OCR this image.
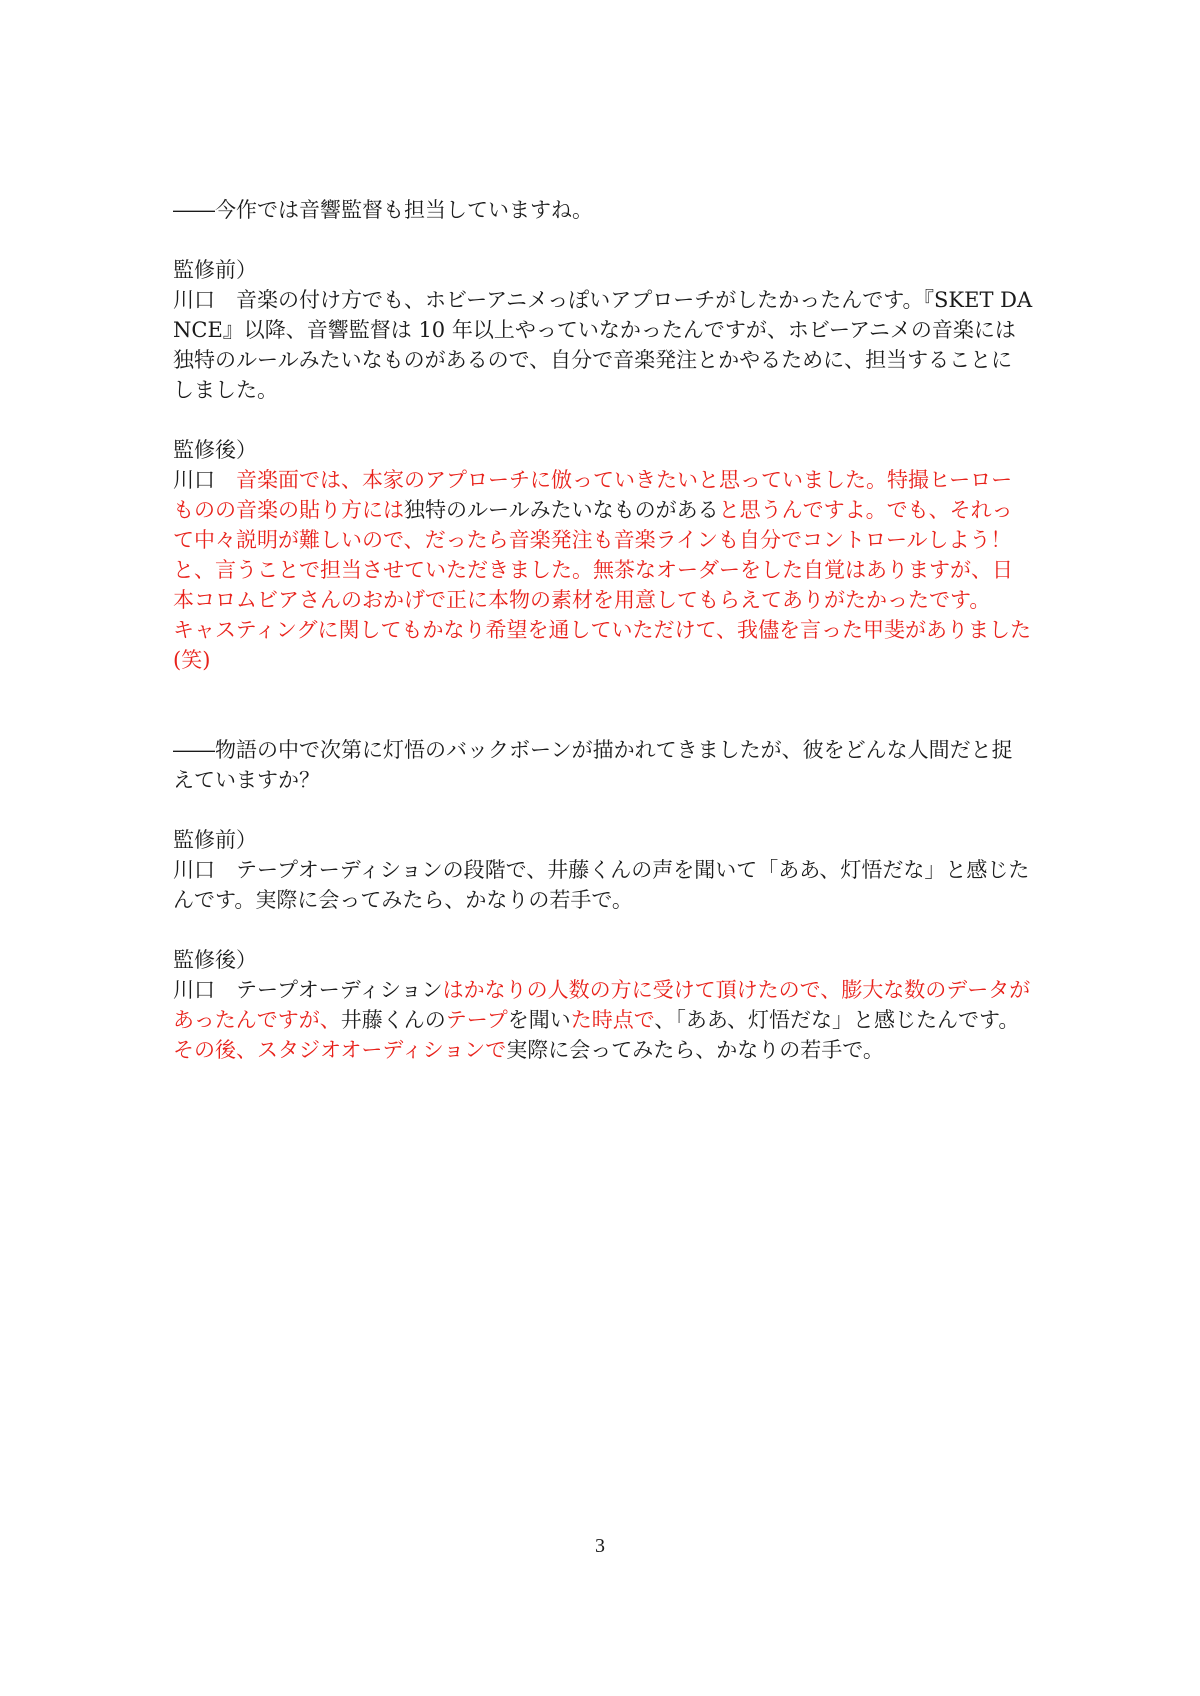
――今作では音響監督も担当していますね。

監修前）

川口　音楽の付け方でも、ホビーアニメっぽいアプローチがしたかったんです。『SKET DANCE』以降、音響監督は 10 年以上やっていなかったんですが、ホビーアニメの音楽には独特のルールみたいなものがあるので、自分で音楽発注とかやるために、担当することにしました。

監修後）

川口　音楽面では、本家のアプローチに倣っていきたいと思っていました。特撮ヒーローものの音楽の貼り方には独特のルールみたいなものがあると思うんですよ。でも、それって中々説明が難しいので、だったら音楽発注も音楽ラインも自分でコントロールしよう！と、言うことで担当させていただきました。無茶なオーダーをした自覚はありますが、日本コロムビアさんのおかげで正に本物の素材を用意してもらえてありがたかったです。

キャスティングに関してもかなり希望を通していただけて、我儘を言った甲斐がありました(笑)

――物語の中で次第に灯悟のバックボーンが描かれてきましたが、彼をどんな人間だと捉えていますか？

監修前）

川口　テープオーディションの段階で、井藤くんの声を聞いて「ああ、灯悟だな」と感じたんです。実際に会ってみたら、かなりの若手で。

監修後）

川口　テープオーディションはかなりの人数の方に受けて頂けたので、膨大な数のデータがあったんですが、井藤くんのテープを聞いた時点で、「ああ、灯悟だな」と感じたんです。その後、スタジオオーディションで実際に会ってみたら、かなりの若手で。

3
